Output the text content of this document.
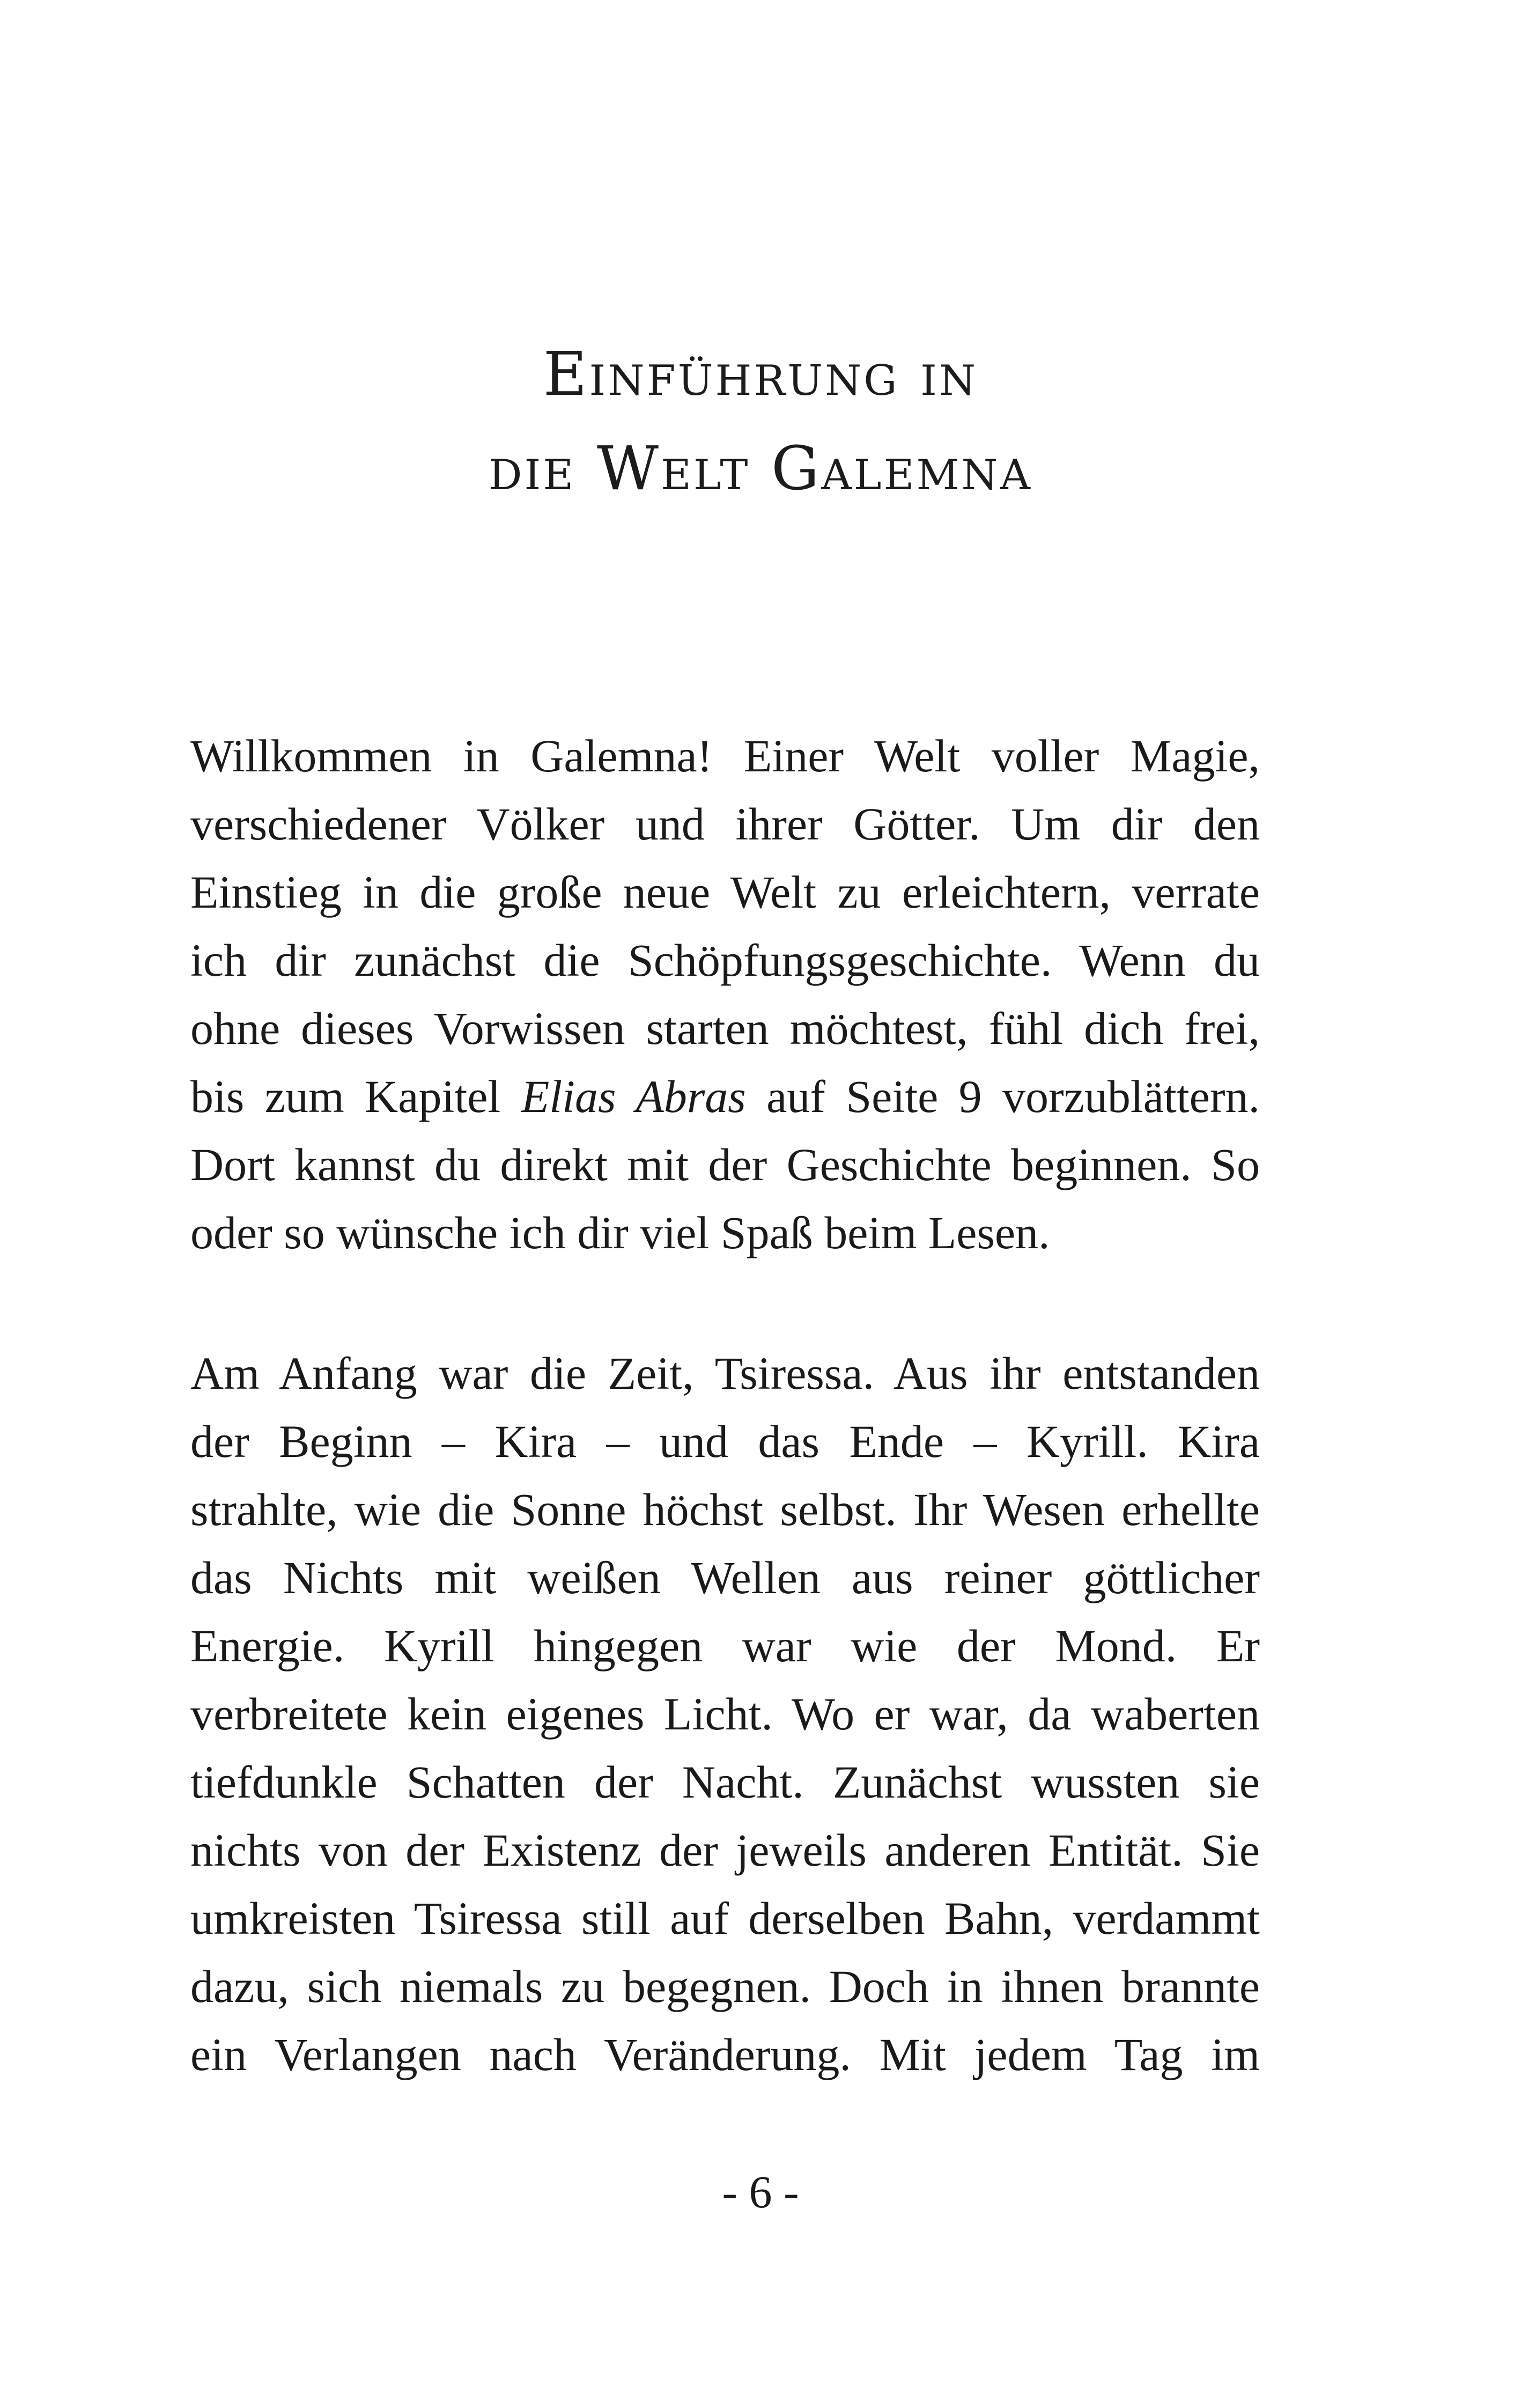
Einführung in
die Welt Galemna
Willkommen in Galemna! Einer Welt voller Magie,
verschiedener Völker und ihrer Götter. Um dir den
Einstieg in die große neue Welt zu erleichtern, verrate
ich dir zunächst die Schöpfungsgeschichte. Wenn du
ohne dieses Vorwissen starten möchtest, fühl dich frei,
bis zum Kapitel Elias Abras auf Seite 9 vorzublättern.
Dort kannst du direkt mit der Geschichte beginnen. So
oder so wünsche ich dir viel Spaß beim Lesen.
Am Anfang war die Zeit, Tsiressa. Aus ihr entstanden
der Beginn – Kira – und das Ende – Kyrill. Kira
strahlte, wie die Sonne höchst selbst. Ihr Wesen erhellte
das Nichts mit weißen Wellen aus reiner göttlicher
Energie. Kyrill hingegen war wie der Mond. Er
verbreitete kein eigenes Licht. Wo er war, da waberten
tiefdunkle Schatten der Nacht. Zunächst wussten sie
nichts von der Existenz der jeweils anderen Entität. Sie
umkreisten Tsiressa still auf derselben Bahn, verdammt
dazu, sich niemals zu begegnen. Doch in ihnen brannte
ein Verlangen nach Veränderung. Mit jedem Tag im
- 6 -
